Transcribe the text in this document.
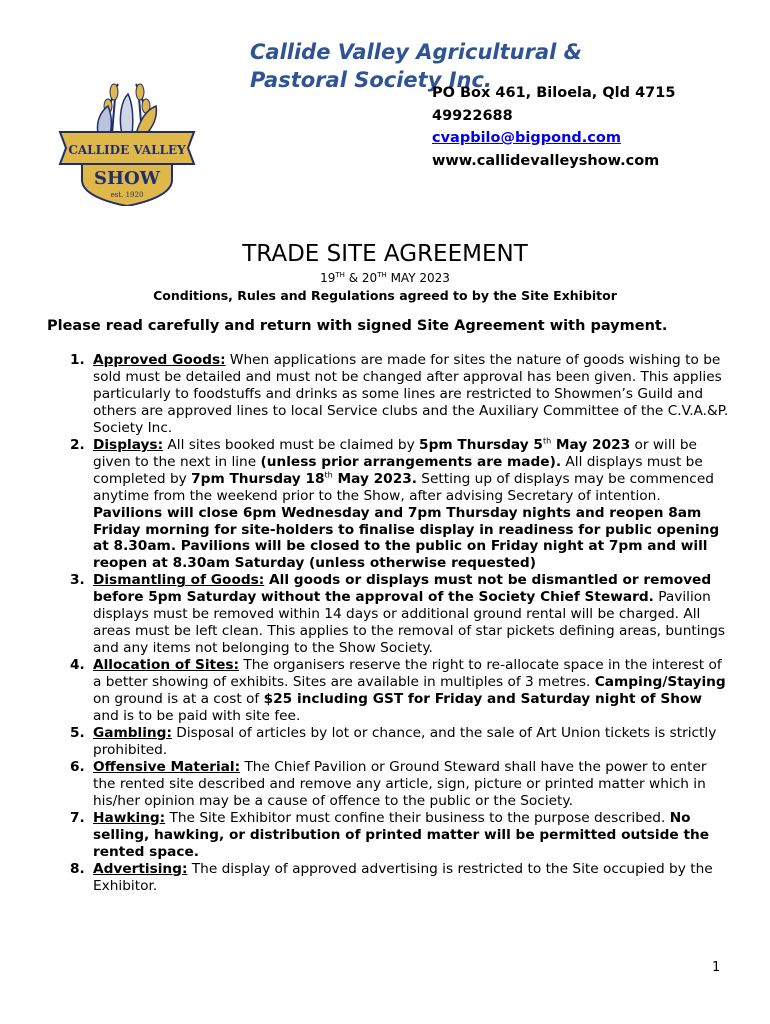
CALLIDE VALLEY
SHOW
est. 1920
Callide Valley Agricultural & Pastoral Society Inc.
PO Box 461, Biloela, Qld 4715
49922688
cvapbilo@bigpond.com
www.callidevalleyshow.com
TRADE SITE AGREEMENT
19TH & 20TH MAY 2023
Conditions, Rules and Regulations agreed to by the Site Exhibitor
Please read carefully and return with signed Site Agreement with payment.
1. Approved Goods: When applications are made for sites the nature of goods wishing to be sold must be detailed and must not be changed after approval has been given. This applies particularly to foodstuffs and drinks as some lines are restricted to Showmen’s Guild and others are approved lines to local Service clubs and the Auxiliary Committee of the C.V.A.&P. Society Inc.
2. Displays: All sites booked must be claimed by 5pm Thursday 5th May 2023 or will be given to the next in line (unless prior arrangements are made). All displays must be completed by 7pm Thursday 18th May 2023. Setting up of displays may be commenced anytime from the weekend prior to the Show, after advising Secretary of intention. Pavilions will close 6pm Wednesday and 7pm Thursday nights and reopen 8am Friday morning for site-holders to finalise display in readiness for public opening at 8.30am. Pavilions will be closed to the public on Friday night at 7pm and will reopen at 8.30am Saturday (unless otherwise requested)
3. Dismantling of Goods: All goods or displays must not be dismantled or removed before 5pm Saturday without the approval of the Society Chief Steward. Pavilion displays must be removed within 14 days or additional ground rental will be charged. All areas must be left clean. This applies to the removal of star pickets defining areas, buntings and any items not belonging to the Show Society.
4. Allocation of Sites: The organisers reserve the right to re-allocate space in the interest of a better showing of exhibits. Sites are available in multiples of 3 metres. Camping/Staying on ground is at a cost of $25 including GST for Friday and Saturday night of Show and is to be paid with site fee.
5. Gambling: Disposal of articles by lot or chance, and the sale of Art Union tickets is strictly prohibited.
6. Offensive Material: The Chief Pavilion or Ground Steward shall have the power to enter the rented site described and remove any article, sign, picture or printed matter which in his/her opinion may be a cause of offence to the public or the Society.
7. Hawking: The Site Exhibitor must confine their business to the purpose described. No selling, hawking, or distribution of printed matter will be permitted outside the rented space.
8. Advertising: The display of approved advertising is restricted to the Site occupied by the Exhibitor.
1
